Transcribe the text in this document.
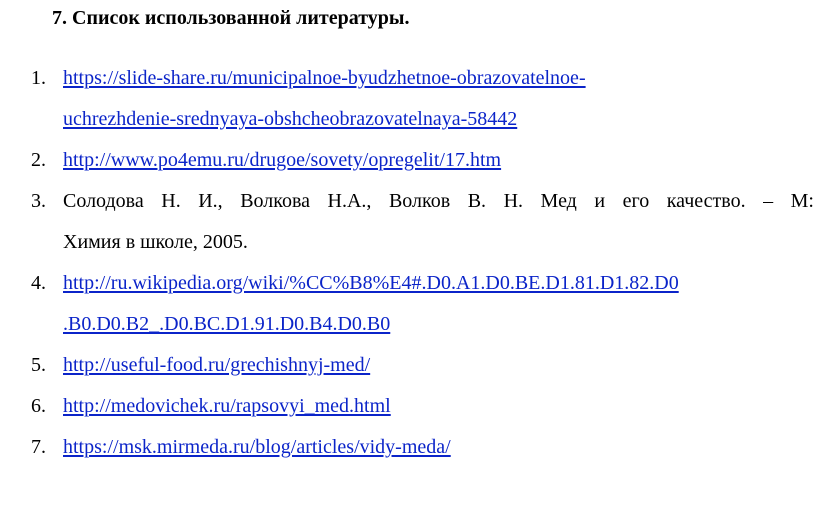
7. Список использованной литературы.
1. https://slide-share.ru/municipalnoe-byudzhetnoe-obrazovatelnoe-
uchrezhdenie-srednyaya-obshcheobrazovatelnaya-58442
2. http://www.po4emu.ru/drugoe/sovety/opregelit/17.htm
3. Солодова Н. И., Волкова Н.А., Волков В. Н. Мед и его качество. – М:
Химия в школе, 2005.
4. http://ru.wikipedia.org/wiki/%CC%B8%E4#.D0.A1.D0.BE.D1.81.D1.82.D0
.B0.D0.B2_.D0.BC.D1.91.D0.B4.D0.B0
5. http://useful-food.ru/grechishnyj-med/
6. http://medovichek.ru/rapsovyi_med.html
7. https://msk.mirmeda.ru/blog/articles/vidy-meda/
